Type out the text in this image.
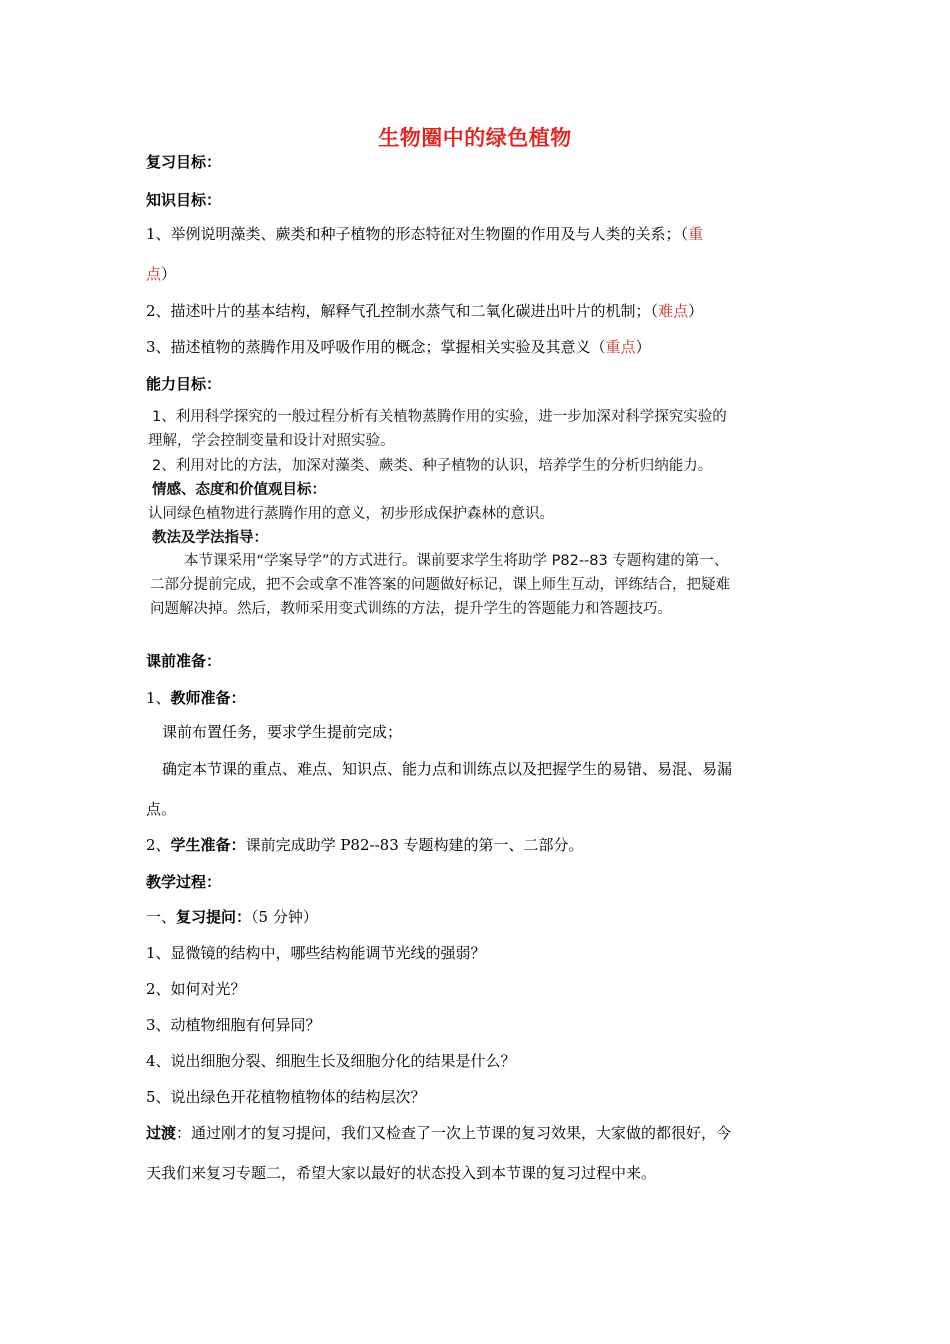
生物圈中的绿色植物
复习目标：
知识目标：
1、举例说明藻类、蕨类和种子植物的形态特征对生物圈的作用及与人类的关系；（重
点）
2、描述叶片的基本结构，解释气孔控制水蒸气和二氧化碳进出叶片的机制；（难点）
3、描述植物的蒸腾作用及呼吸作用的概念；掌握相关实验及其意义（重点）
能力目标：
1、利用科学探究的一般过程分析有关植物蒸腾作用的实验，进一步加深对科学探究实验的
理解，学会控制变量和设计对照实验。
2、利用对比的方法，加深对藻类、蕨类、种子植物的认识，培养学生的分析归纳能力。
情感、态度和价值观目标：
认同绿色植物进行蒸腾作用的意义，初步形成保护森林的意识。
教法及学法指导：
本节课采用“学案导学”的方式进行。课前要求学生将助学 P82--83 专题构建的第一、
二部分提前完成，把不会或拿不准答案的问题做好标记，课上师生互动，评练结合，把疑难
问题解决掉。然后，教师采用变式训练的方法，提升学生的答题能力和答题技巧。
课前准备：
1、教师准备：
课前布置任务，要求学生提前完成；
确定本节课的重点、难点、知识点、能力点和训练点以及把握学生的易错、易混、易漏
点。
2、学生准备：课前完成助学 P82--83 专题构建的第一、二部分。
教学过程：
一、复习提问：（5 分钟）
1、显微镜的结构中，哪些结构能调节光线的强弱？
2、如何对光？
3、动植物细胞有何异同？
4、说出细胞分裂、细胞生长及细胞分化的结果是什么？
5、说出绿色开花植物植物体的结构层次？
过渡：通过刚才的复习提问，我们又检查了一次上节课的复习效果，大家做的都很好，今
天我们来复习专题二，希望大家以最好的状态投入到本节课的复习过程中来。
